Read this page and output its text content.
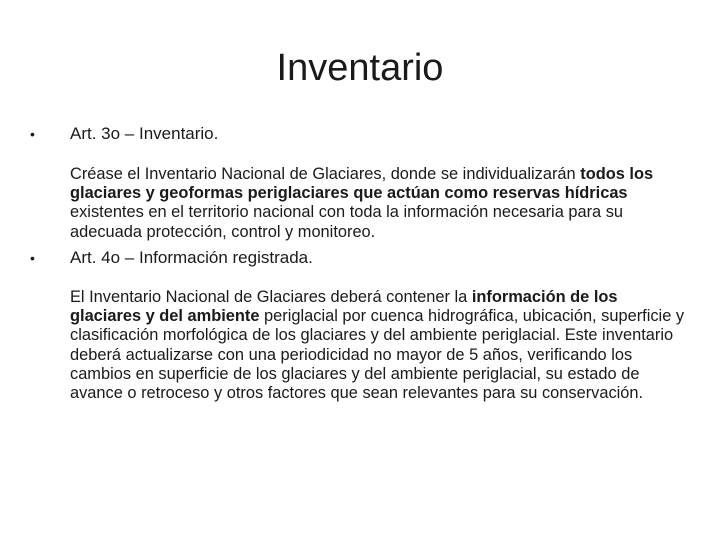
Inventario
•	Art. 3o – Inventario.

Créase el Inventario Nacional de Glaciares, donde se individualizarán todos los glaciares y geoformas periglaciares que actúan como reservas hídricas existentes en el territorio nacional con toda la información necesaria para su adecuada protección, control y monitoreo.

•	Art. 4o – Información registrada.

El Inventario Nacional de Glaciares deberá contener la información de los glaciares y del ambiente periglacial por cuenca hidrográfica, ubicación, superficie y clasificación morfológica de los glaciares y del ambiente periglacial. Este inventario deberá actualizarse con una periodicidad no mayor de 5 años, verificando los cambios en superficie de los glaciares y del ambiente periglacial, su estado de avance o retroceso y otros factores que sean relevantes para su conservación.
